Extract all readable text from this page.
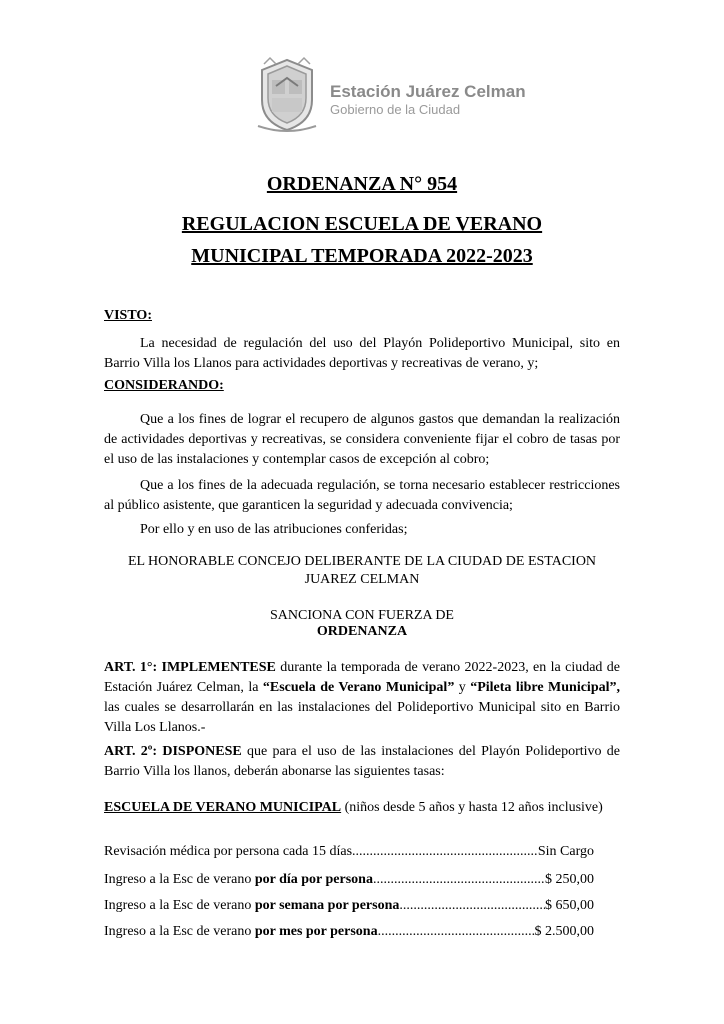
Estación Juárez Celman
Gobierno de la Ciudad
ORDENANZA N° 954
REGULACION ESCUELA DE VERANO
MUNICIPAL TEMPORADA 2022-2023
VISTO:
La necesidad de regulación del uso del Playón Polideportivo Municipal, sito en Barrio Villa los Llanos para actividades deportivas y recreativas de verano, y;
CONSIDERANDO:
Que a los fines de lograr el recupero de algunos gastos que demandan la realización de actividades deportivas y recreativas, se considera conveniente fijar el cobro de tasas por el uso de las instalaciones y contemplar casos de excepción al cobro;
Que a los fines de la adecuada regulación, se torna necesario establecer restricciones al público asistente, que garanticen la seguridad y adecuada convivencia;
Por ello y en uso de las atribuciones conferidas;
EL HONORABLE CONCEJO DELIBERANTE DE LA CIUDAD DE ESTACION
JUAREZ CELMAN
SANCIONA CON FUERZA DE
ORDENANZA
ART. 1°: IMPLEMENTESE durante la temporada de verano 2022-2023, en la ciudad de Estación Juárez Celman, la “Escuela de Verano Municipal” y “Pileta libre Municipal”, las cuales se desarrollarán en las instalaciones del Polideportivo Municipal sito en Barrio Villa Los Llanos.-
ART. 2º: DISPONESE que para el uso de las instalaciones del Playón Polideportivo de Barrio Villa los llanos, deberán abonarse las siguientes tasas:
ESCUELA DE VERANO MUNICIPAL (niños desde 5 años y hasta 12 años inclusive)
Revisación médica por persona cada 15 días .....	Sin Cargo
Ingreso a la Esc de verano por día por persona .....	$ 250,00
Ingreso a la Esc de verano por semana por persona .....	$ 650,00
Ingreso a la Esc de verano por mes por persona .....	$ 2.500,00
